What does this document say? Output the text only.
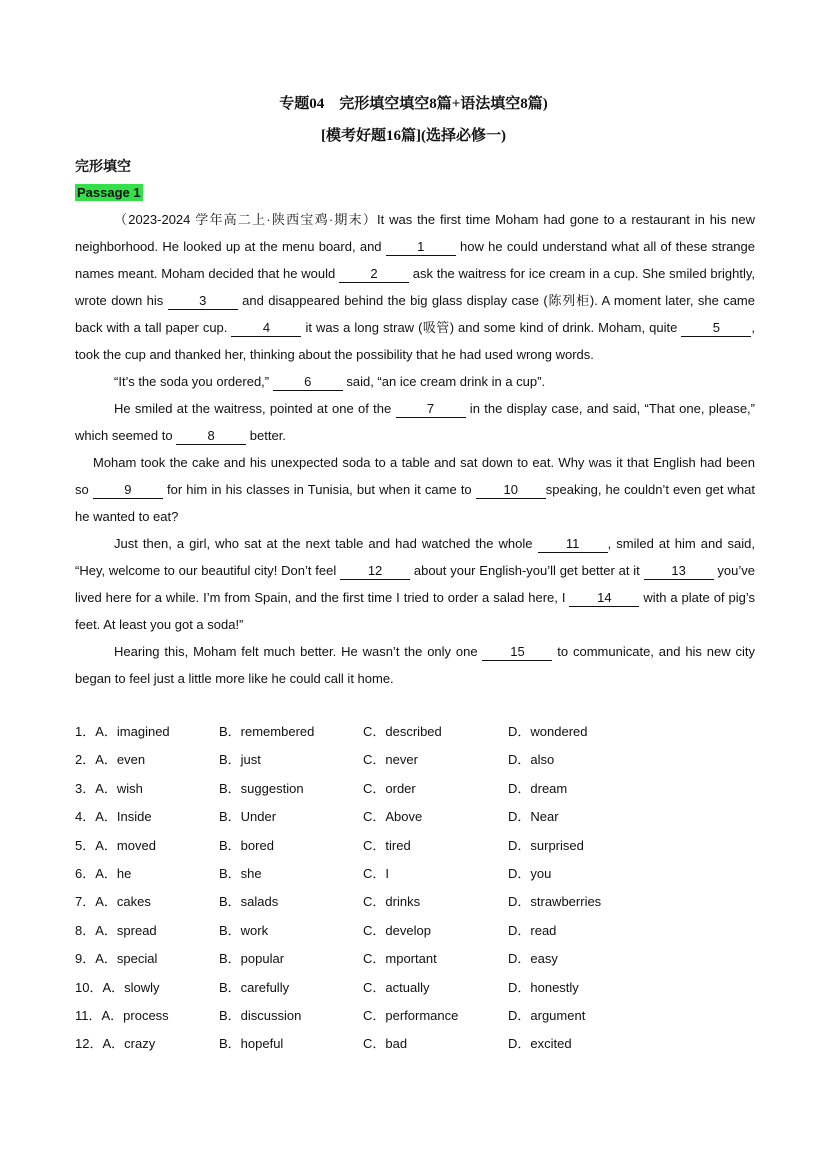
专题04　完形填空填空8篇+语法填空8篇)
[模考好题16篇](选择必修一)
完形填空
Passage 1

（2023-2024 学年高二上·陕西宝鸡·期末）It was the first time Moham had gone to a restaurant in his new neighborhood. He looked up at the menu board, and 1 how he could understand what all of these strange names meant. Moham decided that he would 2 ask the waitress for ice cream in a cup. She smiled brightly, wrote down his 3 and disappeared behind the big glass display case (陈列柜). A moment later, she came back with a tall paper cup. 4 it was a long straw (吸管) and some kind of drink. Moham, quite 5 , took the cup and thanked her, thinking about the possibility that he had used wrong words.

“It’s the soda you ordered,” 6 said, “an ice cream drink in a cup”.

He smiled at the waitress, pointed at one of the 7 in the display case, and said, “That one, please,” which seemed to 8 better.

Moham took the cake and his unexpected soda to a table and sat down to eat. Why was it that English had been so 9 for him in his classes in Tunisia, but when it came to 10 speaking, he couldn’t even get what he wanted to eat?

Just then, a girl, who sat at the next table and had watched the whole 11 , smiled at him and said, “Hey, welcome to our beautiful city! Don’t feel 12 about your English-you’ll get better at it 13 you’ve lived here for a while. I’m from Spain, and the first time I tried to order a salad here, I 14 with a plate of pig’s feet. At least you got a soda!”

Hearing this, Moham felt much better. He wasn’t the only one 15 to communicate, and his new city began to feel just a little more like he could call it home.

1．A．imagined	B．remembered	C．described	D．wondered
2．A．even	B．just	C．never	D．also
3．A．wish	B．suggestion	C．order	D．dream
4．A．Inside	B．Under	C．Above	D．Near
5．A．moved	B．bored	C．tired	D．surprised
6．A．he	B．she	C．I	D．you
7．A．cakes	B．salads	C．drinks	D．strawberries
8．A．spread	B．work	C．develop	D．read
9．A．special	B．popular	C．mportant	D．easy
10．A．slowly	B．carefully	C．actually	D．honestly
11．A．process	B．discussion	C．performance	D．argument
12．A．crazy	B．hopeful	C．bad	D．excited
